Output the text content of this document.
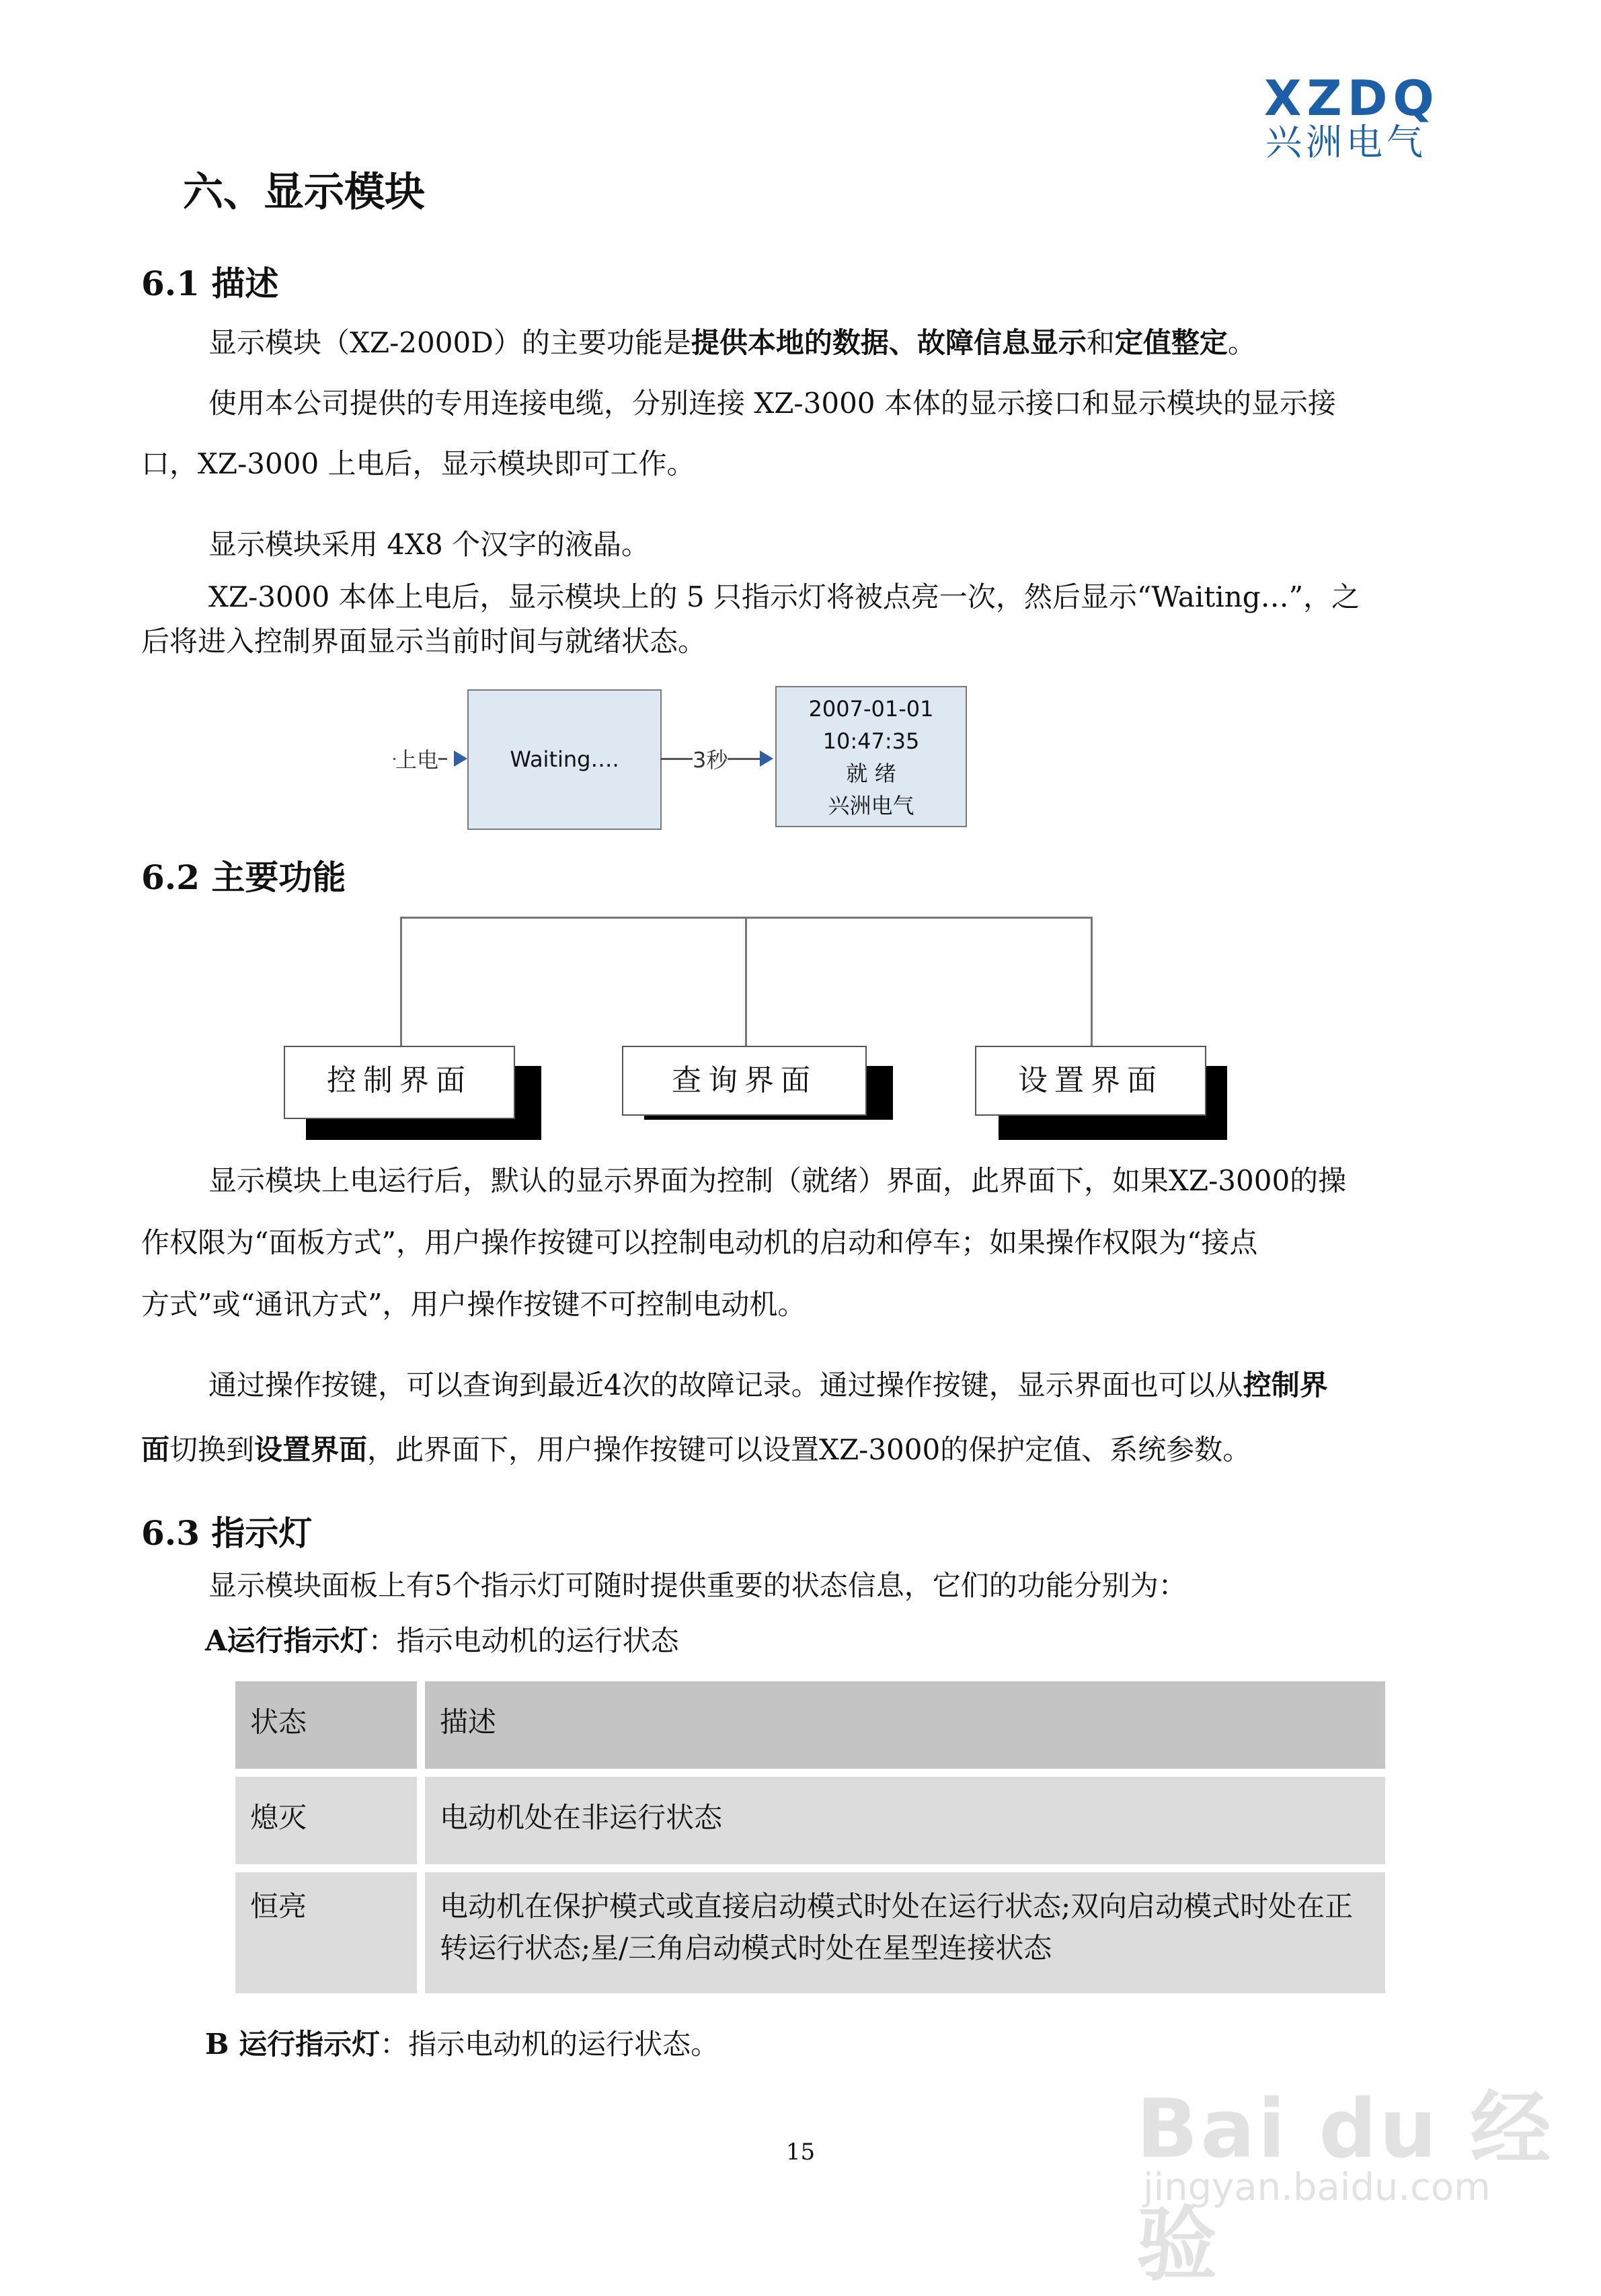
XZDQ
兴洲电气
六、显示模块
6.1 描述
显示模块（XZ-2000D）的主要功能是提供本地的数据、故障信息显示和定值整定。
使用本公司提供的专用连接电缆，分别连接 XZ-3000 本体的显示接口和显示模块的显示接
口，XZ-3000 上电后，显示模块即可工作。
显示模块采用 4X8 个汉字的液晶。
XZ-3000 本体上电后，显示模块上的 5 只指示灯将被点亮一次，然后显示“Waiting…”，之
后将进入控制界面显示当前时间与就绪状态。
上电	Waiting….	3秒
2007-01-01
10:47:35
就 绪
兴洲电气
6.2 主要功能
控制界面	查询界面	设置界面
显示模块上电运行后，默认的显示界面为控制（就绪）界面，此界面下，如果XZ-3000的操
作权限为“面板方式”，用户操作按键可以控制电动机的启动和停车；如果操作权限为“接点
方式”或“通讯方式”，用户操作按键不可控制电动机。
通过操作按键，可以查询到最近4次的故障记录。通过操作按键，显示界面也可以从控制界
面切换到设置界面，此界面下，用户操作按键可以设置XZ-3000的保护定值、系统参数。
6.3 指示灯
显示模块面板上有5个指示灯可随时提供重要的状态信息，它们的功能分别为：
A运行指示灯：指示电动机的运行状态
状态	描述
熄灭	电动机处在非运行状态
恒亮	电动机在保护模式或直接启动模式时处在运行状态;双向启动模式时处在正转运行状态;星/三角启动模式时处在星型连接状态
B 运行指示灯：指示电动机的运行状态。
15	Bai du 经验
jingyan.baidu.com
